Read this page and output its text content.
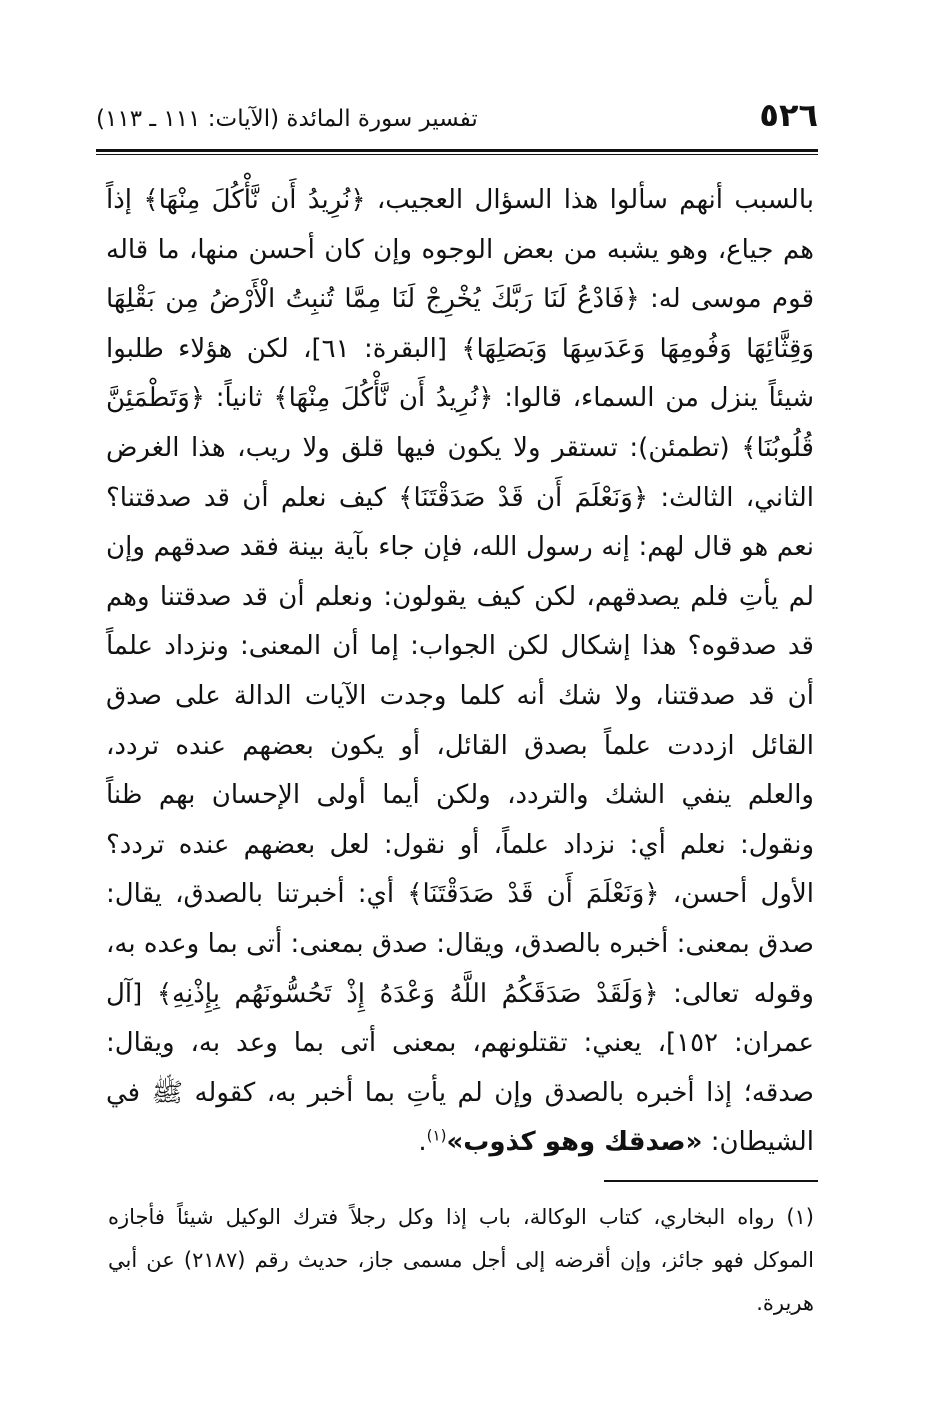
٥٢٦
تفسير سورة المائدة (الآيات: ١١١ ـ ١١٣)
بالسبب أنهم سألوا هذا السؤال العجيب، ﴿نُرِيدُ أَن نَّأْكُلَ مِنْهَا﴾ إذاً هم جياع، وهو يشبه من بعض الوجوه وإن كان أحسن منها، ما قاله قوم موسى له: ﴿فَادْعُ لَنَا رَبَّكَ يُخْرِجْ لَنَا مِمَّا تُنبِتُ الْأَرْضُ مِن بَقْلِهَا وَقِثَّائِهَا وَفُومِهَا وَعَدَسِهَا وَبَصَلِهَا﴾ [البقرة: ٦١]، لكن هؤلاء طلبوا شيئاً ينزل من السماء، قالوا: ﴿نُرِيدُ أَن نَّأْكُلَ مِنْهَا﴾ ثانياً: ﴿وَتَطْمَئِنَّ قُلُوبُنَا﴾ (تطمئن): تستقر ولا يكون فيها قلق ولا ريب، هذا الغرض الثاني، الثالث: ﴿وَنَعْلَمَ أَن قَدْ صَدَقْتَنَا﴾ كيف نعلم أن قد صدقتنا؟ نعم هو قال لهم: إنه رسول الله، فإن جاء بآية بينة فقد صدقهم وإن لم يأتِ فلم يصدقهم، لكن كيف يقولون: ونعلم أن قد صدقتنا وهم قد صدقوه؟ هذا إشكال لكن الجواب: إما أن المعنى: ونزداد علماً أن قد صدقتنا، ولا شك أنه كلما وجدت الآيات الدالة على صدق القائل ازددت علماً بصدق القائل، أو يكون بعضهم عنده تردد، والعلم ينفي الشك والتردد، ولكن أيما أولى الإحسان بهم ظناً ونقول: نعلم أي: نزداد علماً، أو نقول: لعل بعضهم عنده تردد؟ الأول أحسن، ﴿وَنَعْلَمَ أَن قَدْ صَدَقْتَنَا﴾ أي: أخبرتنا بالصدق، يقال: صدق بمعنى: أخبره بالصدق، ويقال: صدق بمعنى: أتى بما وعده به، وقوله تعالى: ﴿وَلَقَدْ صَدَقَكُمُ اللَّهُ وَعْدَهُ إِذْ تَحُسُّونَهُم بِإِذْنِهِ﴾ [آل عمران: ١٥٢]، يعني: تقتلونهم، بمعنى أتى بما وعد به، ويقال: صدقه؛ إذا أخبره بالصدق وإن لم يأتِ بما أخبر به، كقوله ﷺ في الشيطان: «صدقك وهو كذوب»$^{(١)}$.
(١) رواه البخاري، كتاب الوكالة، باب إذا وكل رجلاً فترك الوكيل شيئاً فأجازه الموكل فهو جائز، وإن أقرضه إلى أجل مسمى جاز، حديث رقم (٢١٨٧) عن أبي هريرة.
